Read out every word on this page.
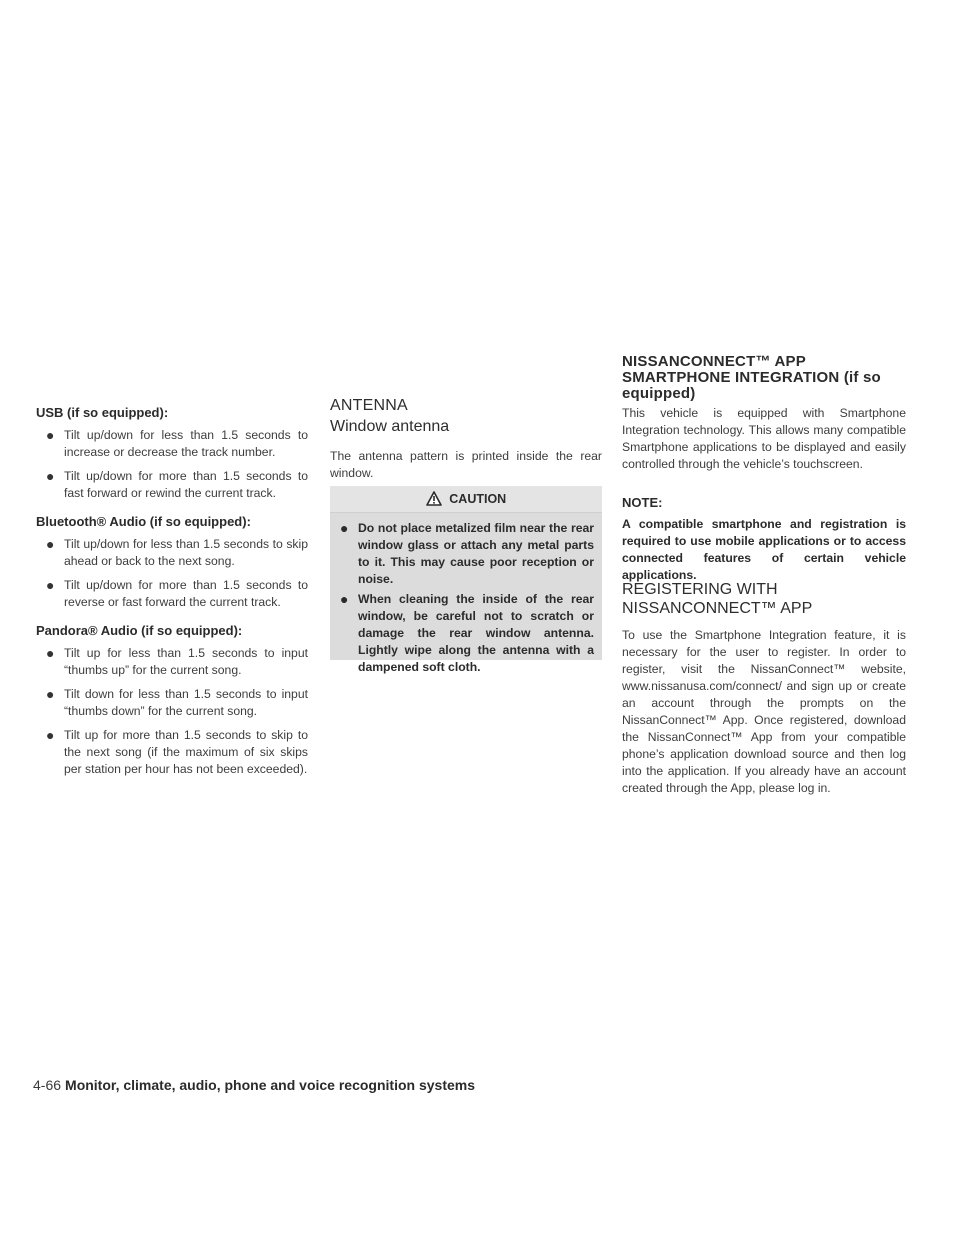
USB (if so equipped):
● Tilt up/down for less than 1.5 seconds to increase or decrease the track number.
● Tilt up/down for more than 1.5 seconds to fast forward or rewind the current track.
Bluetooth® Audio (if so equipped):
● Tilt up/down for less than 1.5 seconds to skip ahead or back to the next song.
● Tilt up/down for more than 1.5 seconds to reverse or fast forward the current track.
Pandora® Audio (if so equipped):
● Tilt up for less than 1.5 seconds to input “thumbs up” for the current song.
● Tilt down for less than 1.5 seconds to input “thumbs down” for the current song.
● Tilt up for more than 1.5 seconds to skip to the next song (if the maximum of six skips per station per hour has not been exceeded).
ANTENNA
Window antenna
The antenna pattern is printed inside the rear window.
CAUTION
● Do not place metalized film near the rear window glass or attach any metal parts to it. This may cause poor reception or noise.
● When cleaning the inside of the rear window, be careful not to scratch or damage the rear window antenna. Lightly wipe along the antenna with a dampened soft cloth.
NISSANCONNECT™ APP SMARTPHONE INTEGRATION (if so equipped)
This vehicle is equipped with Smartphone Integration technology. This allows many compatible Smartphone applications to be displayed and easily controlled through the vehicle’s touchscreen.
NOTE:
A compatible smartphone and registration is required to use mobile applications or to access connected features of certain vehicle applications.
REGISTERING WITH NISSANCONNECT™ APP
To use the Smartphone Integration feature, it is necessary for the user to register. In order to register, visit the NissanConnect™ website, www.nissanusa.com/connect/ and sign up or create an account through the prompts on the NissanConnect™ App. Once registered, download the NissanConnect™ App from your compatible phone’s application download source and then log into the application. If you already have an account created through the App, please log in.
4-66 Monitor, climate, audio, phone and voice recognition systems
